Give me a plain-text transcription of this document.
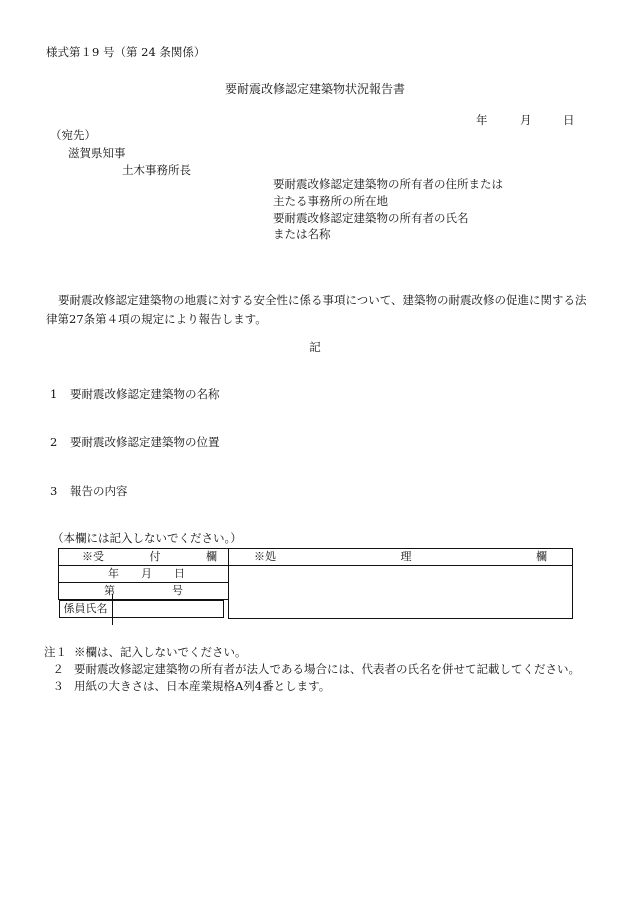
様式第１9 号（第 24 条関係）
要耐震改修認定建築物状況報告書
年	月	日
（宛先）
滋賀県知事
土木事務所長
要耐震改修認定建築物の所有者の住所または
主たる事務所の所在地
要耐震改修認定建築物の所有者の氏名
または名称
要耐震改修認定建築物の地震に対する安全性に係る事項について、建築物の耐震改修の促進に関する法律第27条第４項の規定により報告します。
記
1 要耐震改修認定建築物の名称
2 要耐震改修認定建築物の位置
3 報告の内容
（本欄には記入しないでください。）
※受 付 欄	※処 理 欄

年 月 日	

第 号	

係員氏名
注１ ※欄は、記入しないでください。
２ 要耐震改修認定建築物の所有者が法人である場合には、代表者の氏名を併せて記載してください。
３ 用紙の大きさは、日本産業規格A列4番とします。
